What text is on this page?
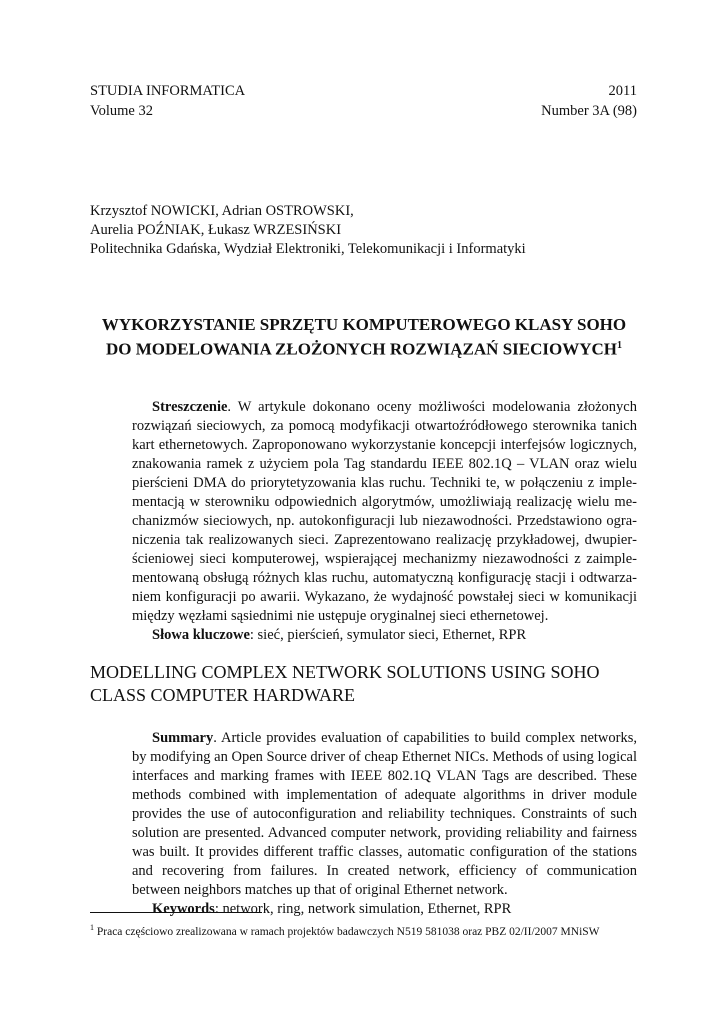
STUDIA INFORMATICA	2011
Volume 32	Number 3A (98)
Krzysztof NOWICKI, Adrian OSTROWSKI,
Aurelia POŹNIAK, Łukasz WRZESIŃSKI
Politechnika Gdańska, Wydział Elektroniki, Telekomunikacji i Informatyki
WYKORZYSTANIE SPRZĘTU KOMPUTEROWEGO KLASY SOHO
DO MODELOWANIA ZŁOŻONYCH ROZWIĄZAŃ SIECIOWYCH$^1$

Streszczenie. W artykule dokonano oceny możliwości modelowania złożonych rozwiązań sieciowych, za pomocą modyfikacji otwartoźródłowego sterownika tanich kart ethernetowych. Zaproponowano wykorzystanie koncepcji interfejsów logicznych, znakowania ramek z użyciem pola Tag standardu IEEE 802.1Q – VLAN oraz wielu pierścieni DMA do priorytetyzowania klas ruchu. Techniki te, w połączeniu z implementacją w sterowniku odpowiednich algorytmów, umożliwiają realizację wielu mechanizmów sieciowych, np. autokonfiguracji lub niezawodności. Przedstawiono ograniczenia tak realizowanych sieci. Zaprezentowano realizację przykładowej, dwupierścieniowej sieci komputerowej, wspierającej mechanizmy niezawodności z zaimplementowaną obsługą różnych klas ruchu, automatyczną konfigurację stacji i odtwarzaniem konfiguracji po awarii. Wykazano, że wydajność powstałej sieci w komunikacji między węzłami sąsiednimi nie ustępuje oryginalnej sieci ethernetowej.

Słowa kluczowe: sieć, pierścień, symulator sieci, Ethernet, RPR

MODELLING COMPLEX NETWORK SOLUTIONS USING SOHO
CLASS COMPUTER HARDWARE

Summary. Article provides evaluation of capabilities to build complex networks, by modifying an Open Source driver of cheap Ethernet NICs. Methods of using logical interfaces and marking frames with IEEE 802.1Q VLAN Tags are described. These methods combined with implementation of adequate algorithms in driver module provides the use of autoconfiguration and reliability techniques. Constraints of such solution are presented. Advanced computer network, providing reliability and fairness was built. It provides different traffic classes, automatic configuration of the stations and recovering from failures. In created network, efficiency of communication between neighbors matches up that of original Ethernet network.

Keywords: network, ring, network simulation, Ethernet, RPR

$^1$ Praca częściowo zrealizowana w ramach projektów badawczych N519 581038 oraz PBZ 02/II/2007 MNiSW
